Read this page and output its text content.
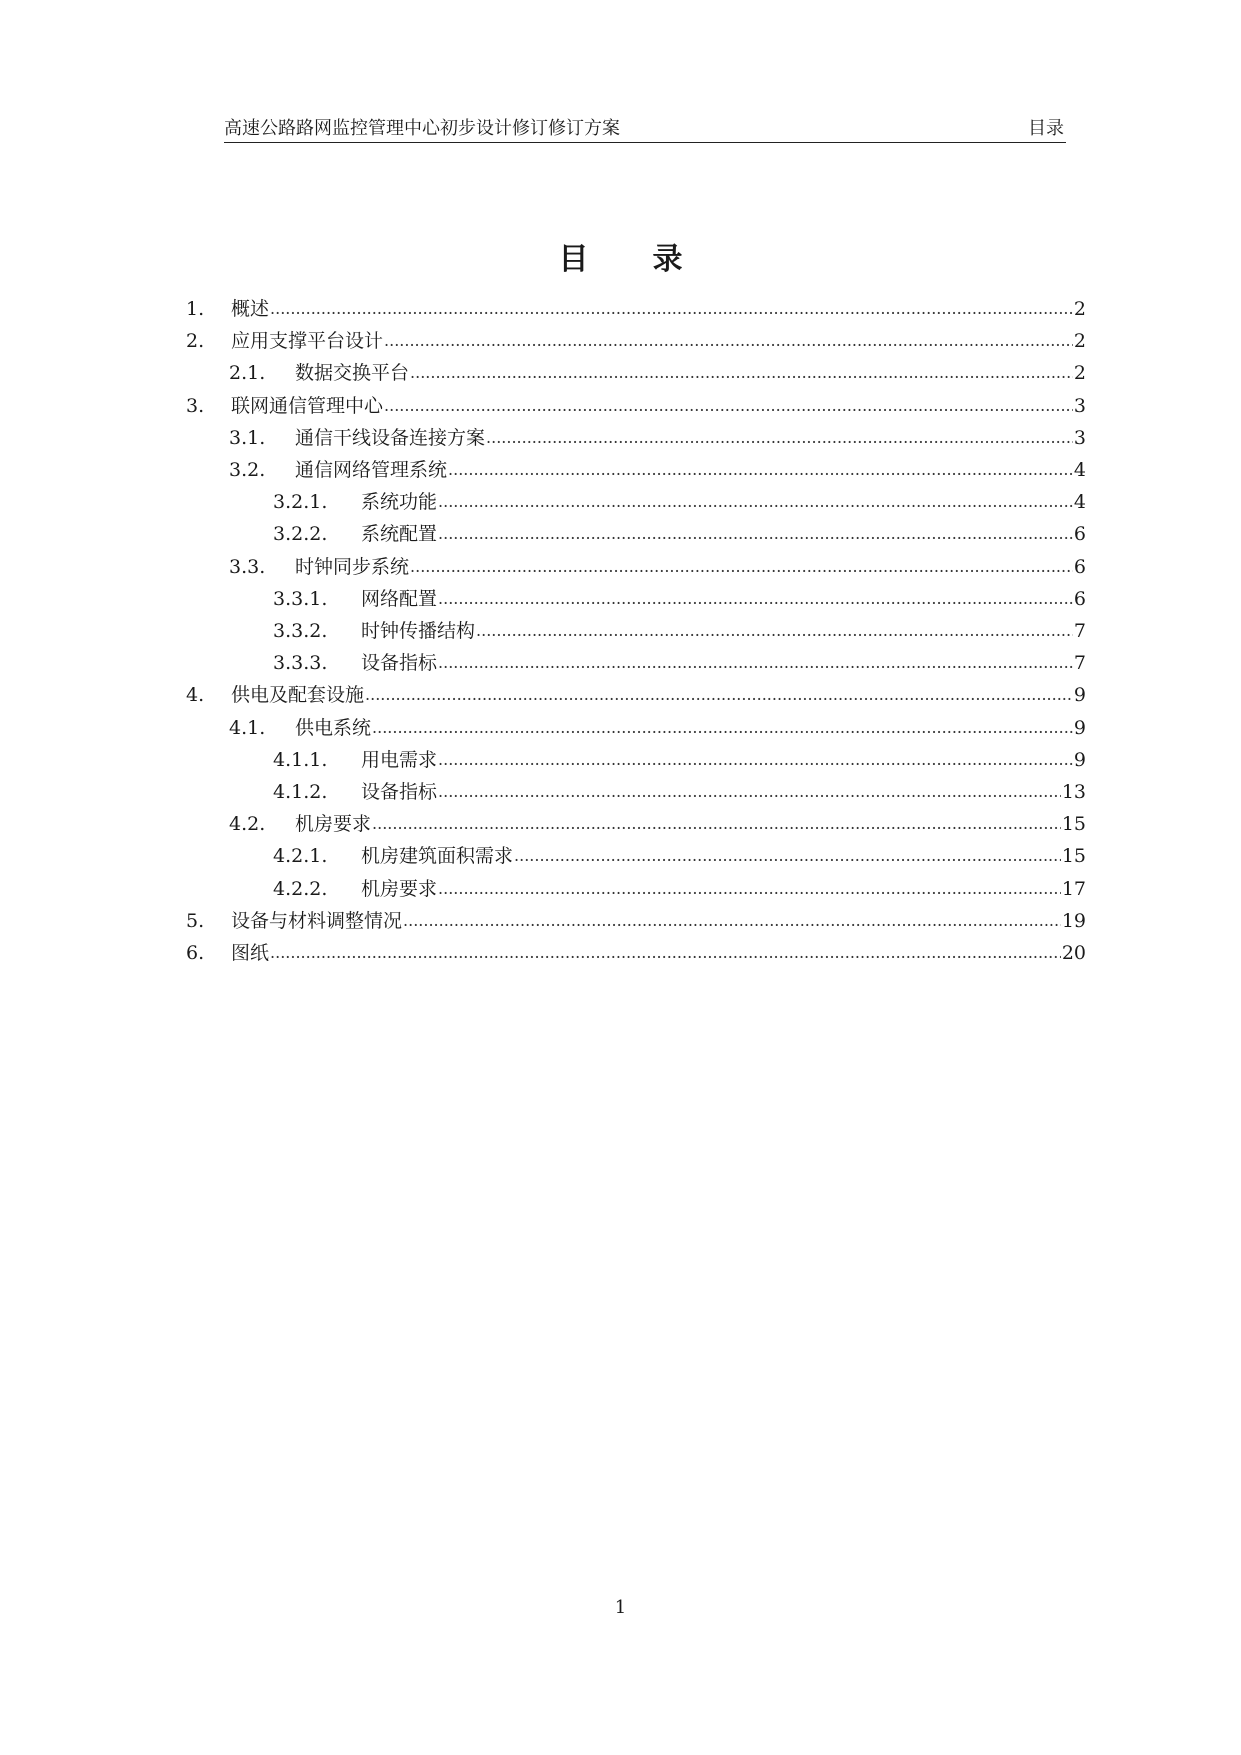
高速公路路网监控管理中心初步设计修订修订方案	目录
目 录
1.	概述 .....	2
2.	应用支撑平台设计 .....	2
2.1.	数据交换平台 .....	2
3.	联网通信管理中心 .....	3
3.1.	通信干线设备连接方案 .....	3
3.2.	通信网络管理系统 .....	4
3.2.1.	系统功能 .....	4
3.2.2.	系统配置 .....	6
3.3.	时钟同步系统 .....	6
3.3.1.	网络配置 .....	6
3.3.2.	时钟传播结构 .....	7
3.3.3.	设备指标 .....	7
4.	供电及配套设施 .....	9
4.1.	供电系统 .....	9
4.1.1.	用电需求 .....	9
4.1.2.	设备指标 .....	13
4.2.	机房要求 .....	15
4.2.1.	机房建筑面积需求 .....	15
4.2.2.	机房要求 .....	17
5.	设备与材料调整情况 .....	19
6.	图纸 .....	20
1
